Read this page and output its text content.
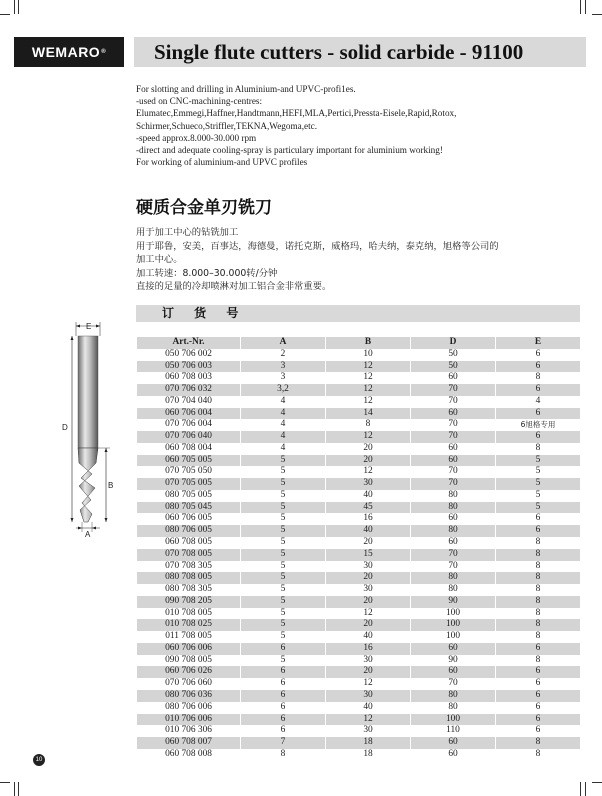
WEMARO ® Single flute cutters - solid carbide - 91100
For slotting and drilling in Aluminium-and UPVC-profi1es.
-used on CNC-machining-centres:
Elumatec,Emmegi,Haffner,Handtmann,HEFI,MLA,Pertici,Pressta-Eisele,Rapid,Rotox,
Schirmer,Schueco,Striffler,TEKNA,Wegoma,etc.
-speed approx.8.000-30.000 rpm
-direct and adequate cooling-spray is particulary important for aluminium working!
For working of aluminium-and UPVC profiles
硬质合金单刃铣刀
用于加工中心的钻铣加工
用于耶鲁，安美，百事达，海德曼，诺托克斯，威格玛，哈夫纳，泰克纳，旭格等公司的
加工中心。
加工转速：8.000–30.000转/分钟
直接的足量的冷却喷淋对加工铝合金非常重要。
订 货 号
E
D
B
A
Art.-Nr.	A	B	D	E
050 706 002	2	10	50	6
050 706 003	3	12	50	6
060 708 003	3	12	60	8
070 706 032	3,2	12	70	6
070 704 040	4	12	70	4
060 706 004	4	14	60	6
070 706 004	4	8	70	6旭格专用
070 706 040	4	12	70	6
060 708 004	4	20	60	8
060 705 005	5	20	60	5
070 705 050	5	12	70	5
070 705 005	5	30	70	5
080 705 005	5	40	80	5
080 705 045	5	45	80	5
060 706 005	5	16	60	6
080 706 005	5	40	80	6
060 708 005	5	20	60	8
070 708 005	5	15	70	8
070 708 305	5	30	70	8
080 708 005	5	20	80	8
080 708 305	5	30	80	8
090 708 205	5	20	90	8
010 708 005	5	12	100	8
010 708 025	5	20	100	8
011 708 005	5	40	100	8
060 706 006	6	16	60	6
090 708 005	5	30	90	8
060 706 026	6	20	60	6
070 706 060	6	12	70	6
080 706 036	6	30	80	6
080 706 006	6	40	80	6
010 706 006	6	12	100	6
010 706 306	6	30	110	6
060 708 007	7	18	60	8
060 708 008	8	18	60	8
10
